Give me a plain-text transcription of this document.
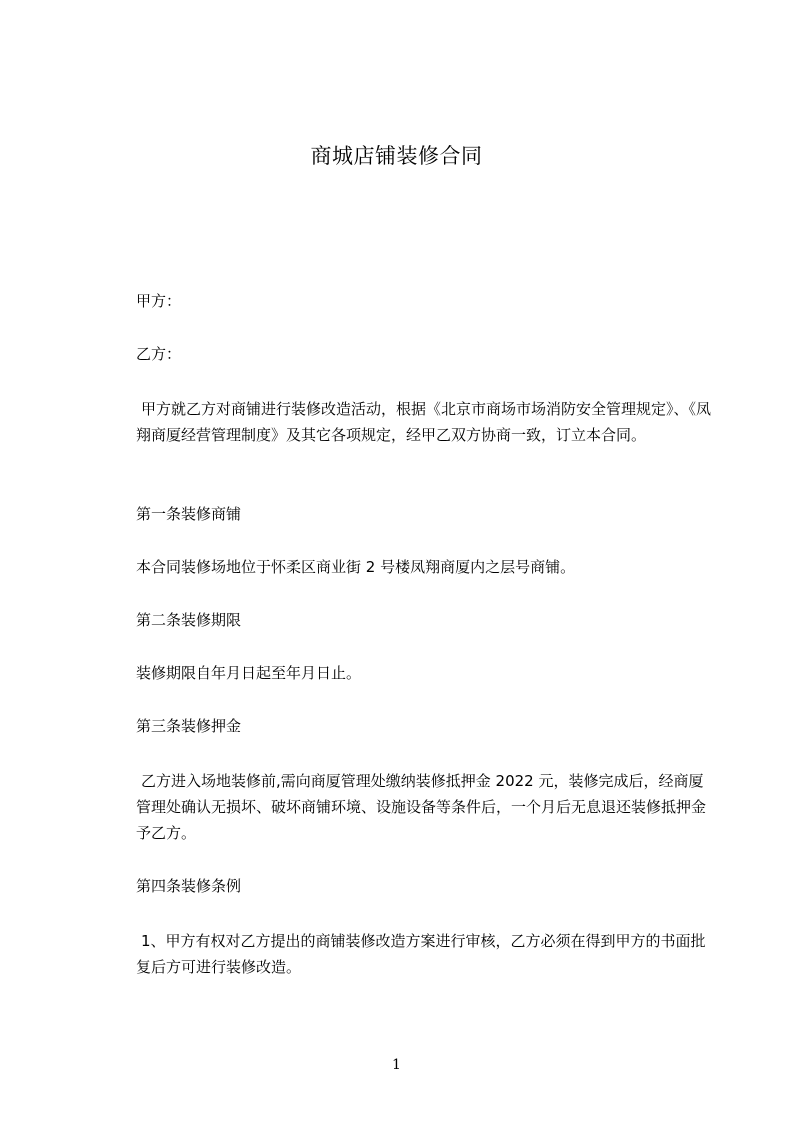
商城店铺装修合同
甲方：
乙方：
甲方就乙方对商铺进行装修改造活动，根据《北京市商场市场消防安全管理规定》、《凤翔商厦经营管理制度》及其它各项规定，经甲乙双方协商一致，订立本合同。
第一条装修商铺
本合同装修场地位于怀柔区商业街 2 号楼凤翔商厦内之层号商铺。
第二条装修期限
装修期限自年月日起至年月日止。
第三条装修押金
乙方进入场地装修前,需向商厦管理处缴纳装修抵押金 2022 元，装修完成后，经商厦管理处确认无损坏、破坏商铺环境、设施设备等条件后，一个月后无息退还装修抵押金予乙方。
第四条装修条例
1、甲方有权对乙方提出的商铺装修改造方案进行审核，乙方必须在得到甲方的书面批复后方可进行装修改造。
1
